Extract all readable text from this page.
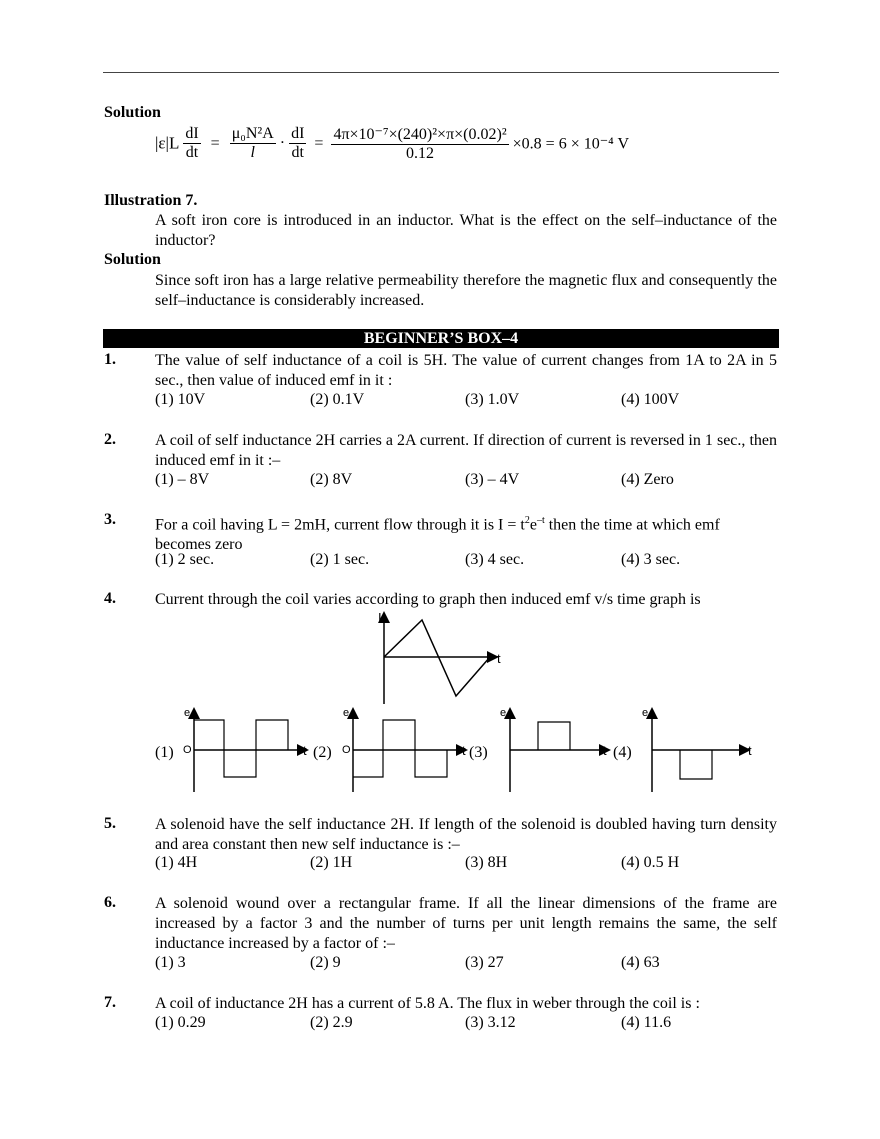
Solution
$|\varepsilon|L \frac{dI}{dt} = \frac{\text{μ₀N²A}}{l} \cdot \frac{dI}{dt} = \frac{\text{4π×10⁻⁷×(240)²×π×(0.02)²}}{0.12} \times 0.8 = 6 \times 10^{-4}$ V
Illustration 7.
A soft iron core is introduced in an inductor. What is the effect on the self–inductance of the inductor?
Solution
Since soft iron has a large relative permeability therefore the magnetic flux and consequently the self–inductance is considerably increased.
BEGINNER’S BOX–4
1. The value of self inductance of a coil is 5H. The value of current changes from 1A to 2A in 5 sec., then value of induced emf in it :
(1) 10V	(2) 0.1V	(3) 1.0V	(4) 100V
2. A coil of self inductance 2H carries a 2A current. If direction of current is reversed in 1 sec., then induced emf in it :–
(1) – 8V	(2) 8V	(3) – 4V	(4) Zero
3. For a coil having L = 2mH, current flow through it is $I = t^2e^{-t}$ then the time at which emf becomes zero
(1) 2 sec.	(2) 1 sec.	(3) 4 sec.	(4) 3 sec.
4. Current through the coil varies according to graph then induced emf v/s time graph is
I
t
(1)	(2)	(3)	(4)
e
O	t
e
O	t
e
t
e
t
5. A solenoid have the self inductance 2H. If length of the solenoid is doubled having turn density and area constant then new self inductance is :–
(1) 4H	(2) 1H	(3) 8H	(4) 0.5 H
6. A solenoid wound over a rectangular frame. If all the linear dimensions of the frame are increased by a factor 3 and the number of turns per unit length remains the same, the self inductance increased by a factor of :–
(1) 3	(2) 9	(3) 27	(4) 63
7. A coil of inductance 2H has a current of 5.8 A. The flux in weber through the coil is :
(1) 0.29	(2) 2.9	(3) 3.12	(4) 11.6
